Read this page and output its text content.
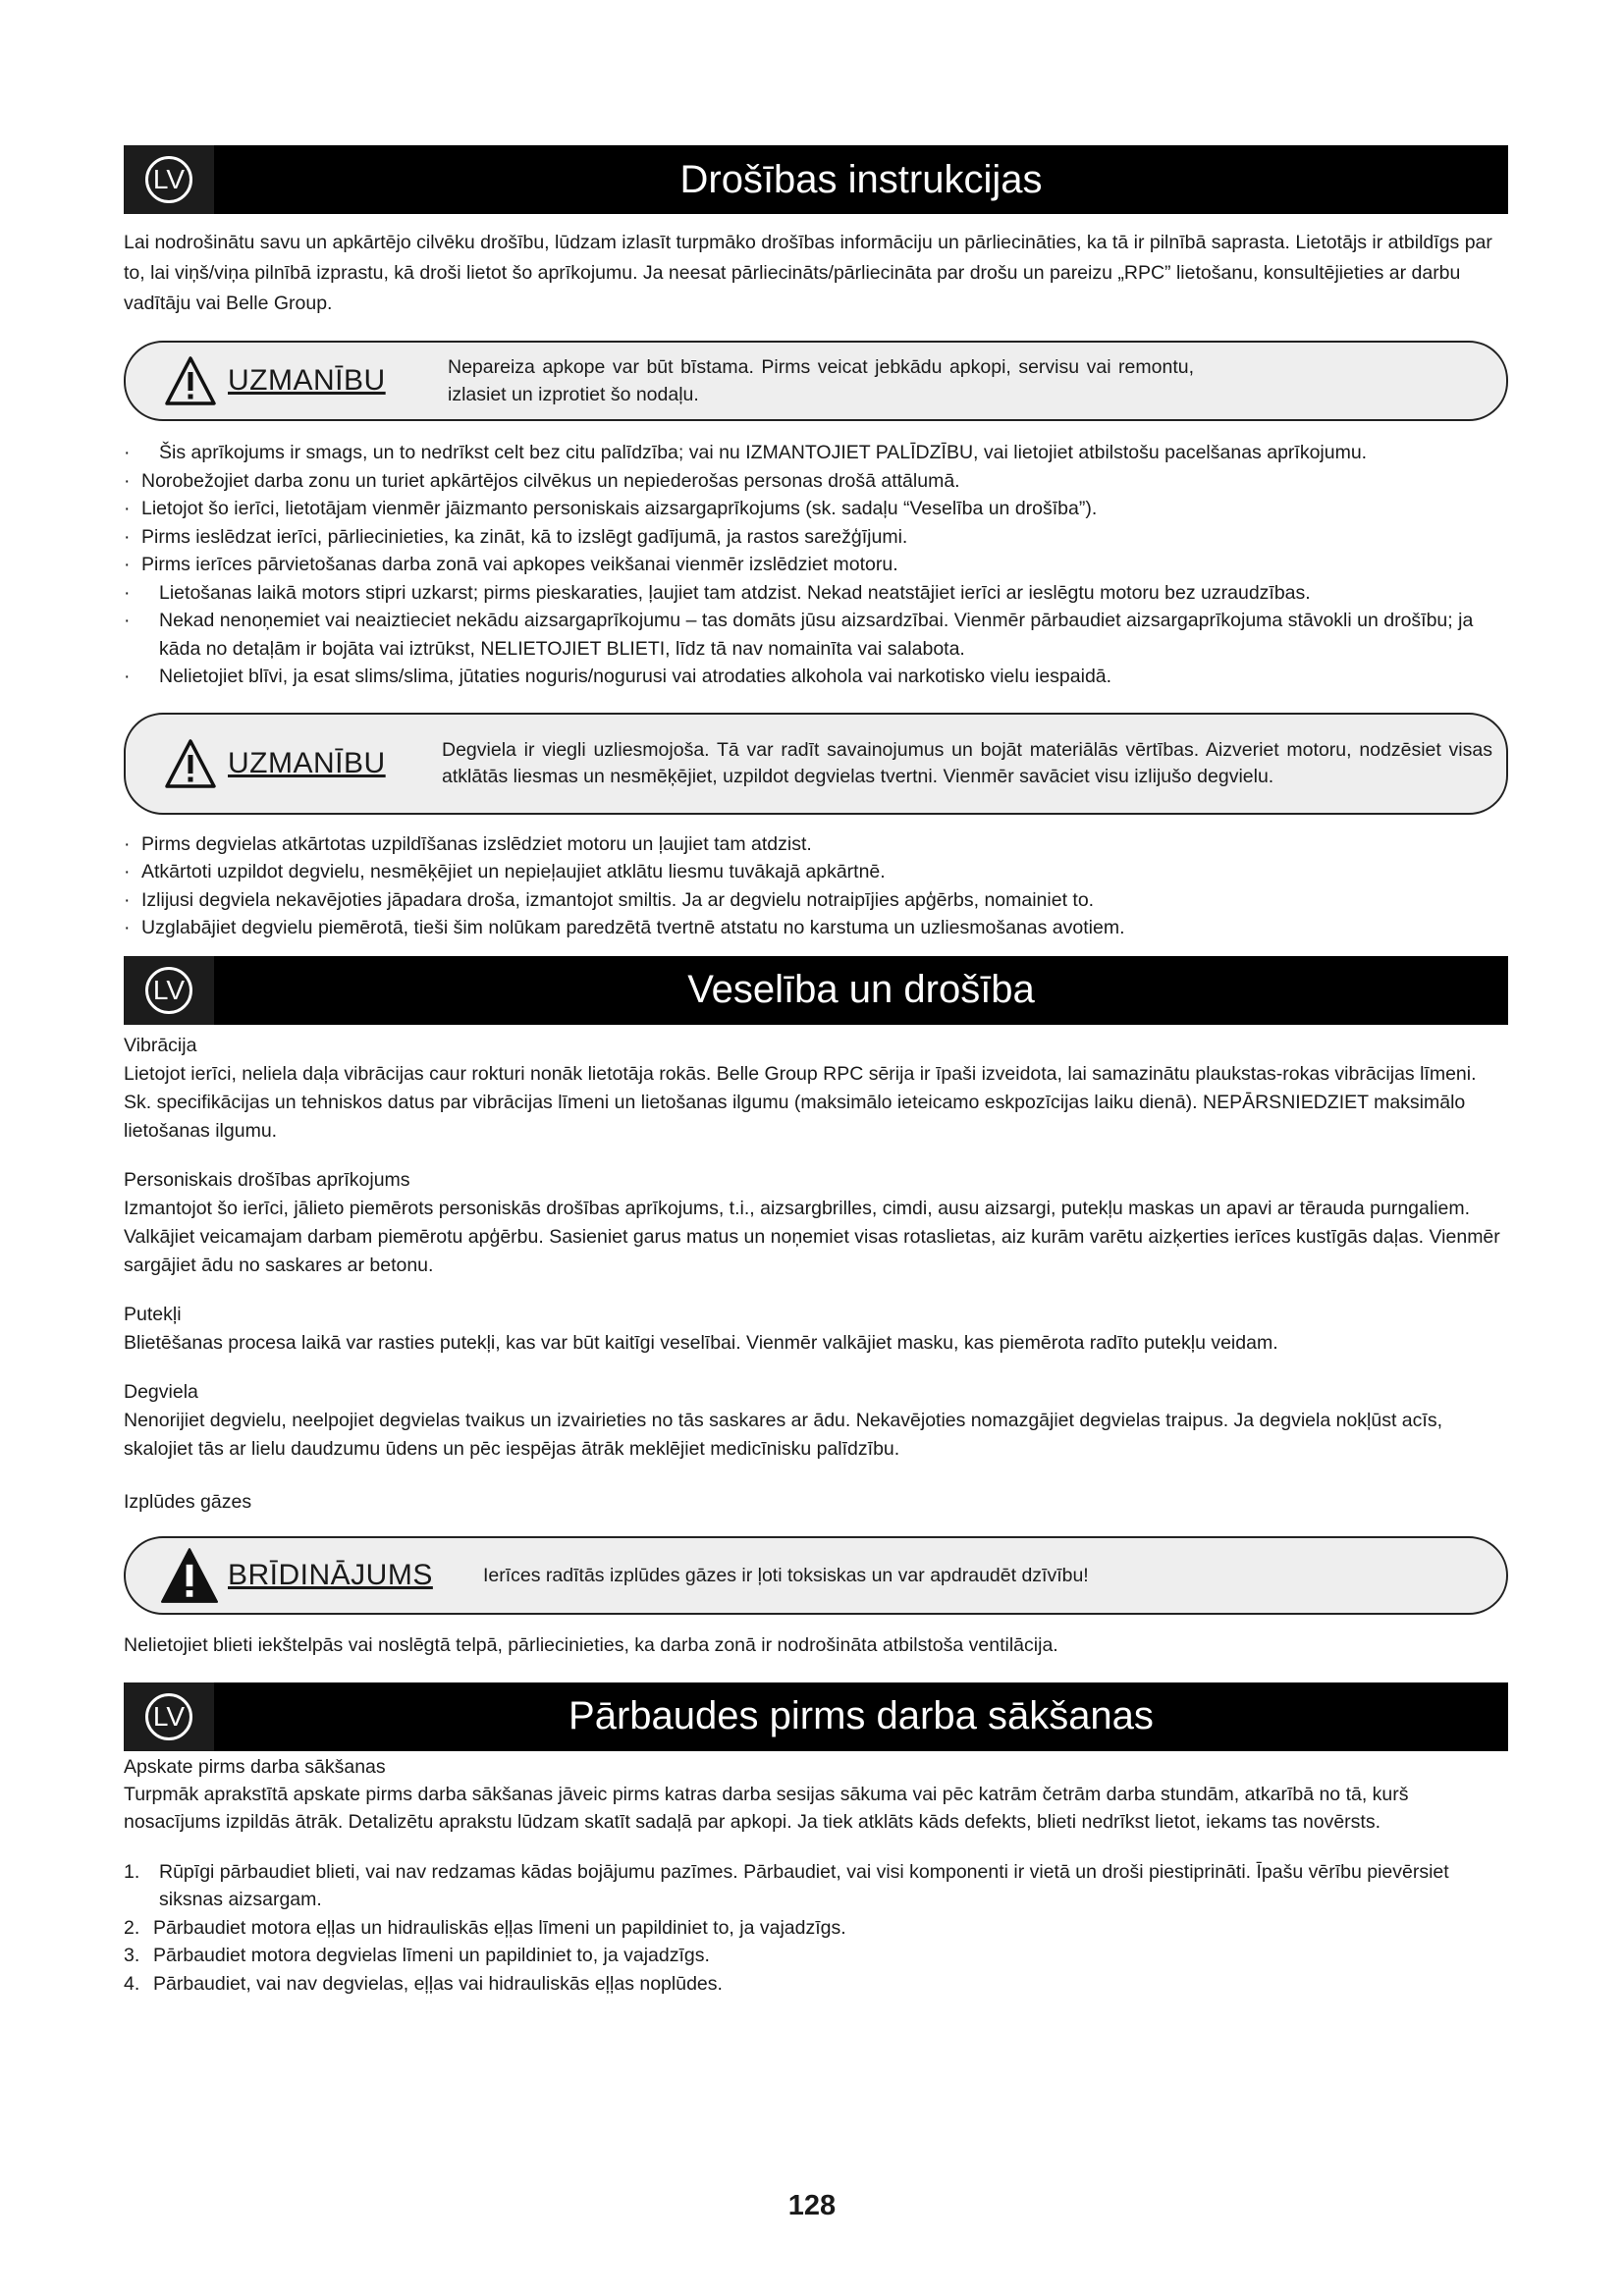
LV	Drošības instrukcijas

Lai nodrošinātu savu un apkārtējo cilvēku drošību, lūdzam izlasīt turpmāko drošības informāciju un pārliecināties, ka tā ir pilnībā saprasta. Lietotājs ir atbildīgs par to, lai viņš/viņa pilnībā izprastu, kā droši lietot šo aprīkojumu. Ja neesat pārliecināts/pārliecināta par drošu un pareizu „RPC” lietošanu, konsultējieties ar darbu vadītāju vai Belle Group.

UZMANĪBU	Nepareiza apkope var būt bīstama. Pirms veicat jebkādu apkopi, servisu vai remontu, izlasiet un izprotiet šo nodaļu.
· Šis aprīkojums ir smags, un to nedrīkst celt bez citu palīdzība; vai nu IZMANTOJIET PALĪDZĪBU, vai lietojiet atbilstošu pacelšanas aprīkojumu.
· Norobežojiet darba zonu un turiet apkārtējos cilvēkus un nepiederošas personas drošā attālumā.
· Lietojot šo ierīci, lietotājam vienmēr jāizmanto personiskais aizsargaprīkojums (sk. sadaļu “Veselība un drošība”).
· Pirms ieslēdzat ierīci, pārliecinieties, ka zināt, kā to izslēgt gadījumā, ja rastos sarežģījumi.
· Pirms ierīces pārvietošanas darba zonā vai apkopes veikšanai vienmēr izslēdziet motoru.
· Lietošanas laikā motors stipri uzkarst; pirms pieskaraties, ļaujiet tam atdzist. Nekad neatstājiet ierīci ar ieslēgtu motoru bez uzraudzības.
· Nekad nenoņemiet vai neaiztieciet nekādu aizsargaprīkojumu – tas domāts jūsu aizsardzībai. Vienmēr pārbaudiet aizsargaprīkojuma stāvokli un drošību; ja kāda no detaļām ir bojāta vai iztrūkst, NELIETOJIET BLIETI, līdz tā nav nomainīta vai salabota.
· Nelietojiet blīvi, ja esat slims/slima, jūtaties noguris/nogurusi vai atrodaties alkohola vai narkotisko vielu iespaidā.
UZMANĪBU	Degviela ir viegli uzliesmojoša. Tā var radīt savainojumus un bojāt materiālās vērtības. Aizveriet motoru, nodzēsiet visas atklātās liesmas un nesmēķējiet, uzpildot degvielas tvertni. Vienmēr savāciet visu izlijušo degvielu.
· Pirms degvielas atkārtotas uzpildīšanas izslēdziet motoru un ļaujiet tam atdzist.
· Atkārtoti uzpildot degvielu, nesmēķējiet un nepieļaujiet atklātu liesmu tuvākajā apkārtnē.
· Izlijusi degviela nekavējoties jāpadara droša, izmantojot smiltis. Ja ar degvielu notraipījies apģērbs, nomainiet to.
· Uzglabājiet degvielu piemērotā, tieši šim nolūkam paredzētā tvertnē atstatu no karstuma un uzliesmošanas avotiem.
LV	Veselība un drošība

Vibrācija

Lietojot ierīci, neliela daļa vibrācijas caur rokturi nonāk lietotāja rokās. Belle Group RPC sērija ir īpaši izveidota, lai samazinātu plaukstas-rokas vibrācijas līmeni. Sk. specifikācijas un tehniskos datus par vibrācijas līmeni un lietošanas ilgumu (maksimālo ieteicamo eskpozīcijas laiku dienā). NEPĀRSNIEDZIET maksimālo lietošanas ilgumu.

Personiskais drošības aprīkojums

Izmantojot šo ierīci, jālieto piemērots personiskās drošības aprīkojums, t.i., aizsargbrilles, cimdi, ausu aizsargi, putekļu maskas un apavi ar tērauda purngaliem. Valkājiet veicamajam darbam piemērotu apģērbu. Sasieniet garus matus un noņemiet visas rotaslietas, aiz kurām varētu aizķerties ierīces kustīgās daļas. Vienmēr sargājiet ādu no saskares ar betonu.

Putekļi

Blietēšanas procesa laikā var rasties putekļi, kas var būt kaitīgi veselībai. Vienmēr valkājiet masku, kas piemērota radīto putekļu veidam.

Degviela

Nenorijiet degvielu, neelpojiet degvielas tvaikus un izvairieties no tās saskares ar ādu. Nekavējoties nomazgājiet degvielas traipus. Ja degviela nokļūst acīs, skalojiet tās ar lielu daudzumu ūdens un pēc iespējas ātrāk meklējiet medicīnisku palīdzību.

Izplūdes gāzes

BRĪDINĀJUMS	Ierīces radītās izplūdes gāzes ir ļoti toksiskas un var apdraudēt dzīvību!

Nelietojiet blieti iekštelpās vai noslēgtā telpā, pārliecinieties, ka darba zonā ir nodrošināta atbilstoša ventilācija.

LV	Pārbaudes pirms darba sākšanas

Apskate pirms darba sākšanas

Turpmāk aprakstītā apskate pirms darba sākšanas jāveic pirms katras darba sesijas sākuma vai pēc katrām četrām darba stundām, atkarībā no tā, kurš nosacījums izpildās ātrāk. Detalizētu aprakstu lūdzam skatīt sadaļā par apkopi. Ja tiek atklāts kāds defekts, blieti nedrīkst lietot, iekams tas novērsts.

1. Rūpīgi pārbaudiet blieti, vai nav redzamas kādas bojājumu pazīmes. Pārbaudiet, vai visi komponenti ir vietā un droši piestiprināti. Īpašu vērību pievērsiet siksnas aizsargam.
2. Pārbaudiet motora eļļas un hidrauliskās eļļas līmeni un papildiniet to, ja vajadzīgs.
3. Pārbaudiet motora degvielas līmeni un papildiniet to, ja vajadzīgs.
4. Pārbaudiet, vai nav degvielas, eļļas vai hidrauliskās eļļas noplūdes.
128
